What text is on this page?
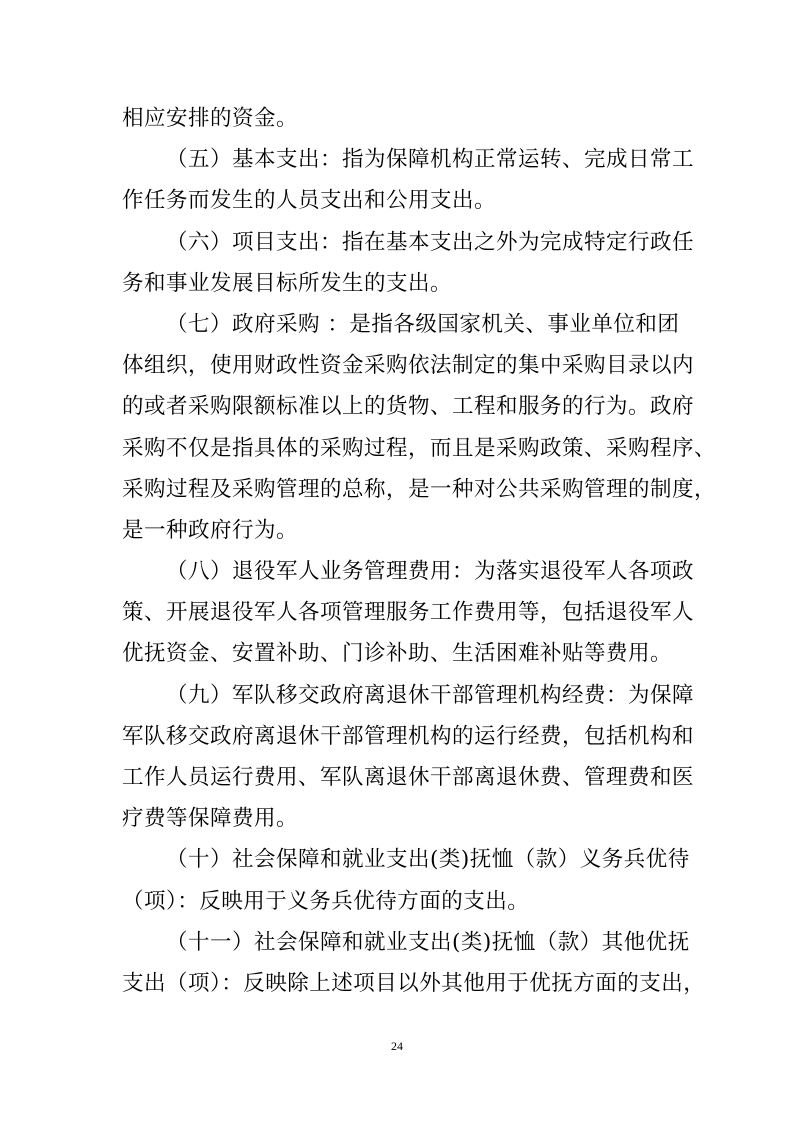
相应安排的资金。
（五）基本支出：指为保障机构正常运转、完成日常工
作任务而发生的人员支出和公用支出。
（六）项目支出：指在基本支出之外为完成特定行政任
务和事业发展目标所发生的支出。
（七）政府采购 ：是指各级国家机关、事业单位和团
体组织，使用财政性资金采购依法制定的集中采购目录以内
的或者采购限额标准以上的货物、工程和服务的行为。政府
采购不仅是指具体的采购过程，而且是采购政策、采购程序、
采购过程及采购管理的总称，是一种对公共采购管理的制度，
是一种政府行为。
（八）退役军人业务管理费用：为落实退役军人各项政
策、开展退役军人各项管理服务工作费用等，包括退役军人
优抚资金、安置补助、门诊补助、生活困难补贴等费用。
（九）军队移交政府离退休干部管理机构经费：为保障
军队移交政府离退休干部管理机构的运行经费，包括机构和
工作人员运行费用、军队离退休干部离退休费、管理费和医
疗费等保障费用。
（十）社会保障和就业支出(类)抚恤（款）义务兵优待
（项）：反映用于义务兵优待方面的支出。
（十一）社会保障和就业支出(类)抚恤（款）其他优抚
支出（项）：反映除上述项目以外其他用于优抚方面的支出，
24
